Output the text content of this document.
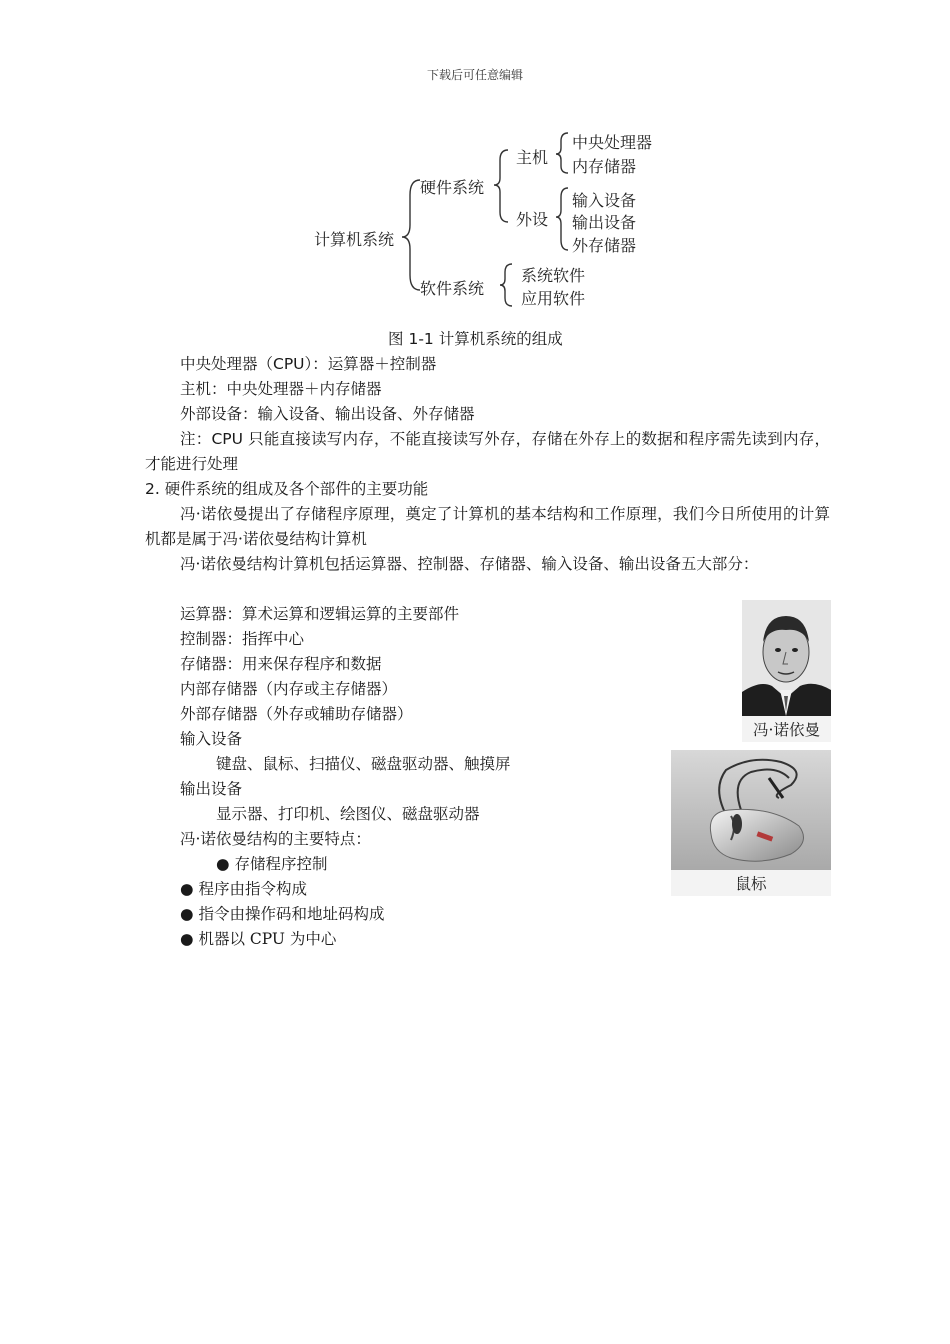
下载后可任意编辑
计算机系统
硬件系统
主机
中央处理器
内存储器
外设
输入设备
输出设备
外存储器
软件系统
系统软件
应用软件
图 1-1 计算机系统的组成
中央处理器（CPU）：运算器＋控制器
主机：中央处理器＋内存储器
外部设备：输入设备、输出设备、外存储器
注：CPU 只能直接读写内存，不能直接读写外存，存储在外存上的数据和程序需先读到内存，才能进行处理
2. 硬件系统的组成及各个部件的主要功能
冯·诺依曼提出了存储程序原理，奠定了计算机的基本结构和工作原理，我们今日所使用的计算机都是属于冯·诺依曼结构计算机
冯·诺依曼结构计算机包括运算器、控制器、存储器、输入设备、输出设备五大部分：
运算器：算术运算和逻辑运算的主要部件
控制器：指挥中心
存储器：用来保存程序和数据
内部存储器（内存或主存储器）
外部存储器（外存或辅助存储器）
输入设备
键盘、鼠标、扫描仪、磁盘驱动器、触摸屏
输出设备
显示器、打印机、绘图仪、磁盘驱动器
冯·诺依曼结构的主要特点：
● 存储程序控制
● 程序由指令构成
● 指令由操作码和地址码构成
● 机器以 CPU 为中心
冯·诺依曼
鼠标
